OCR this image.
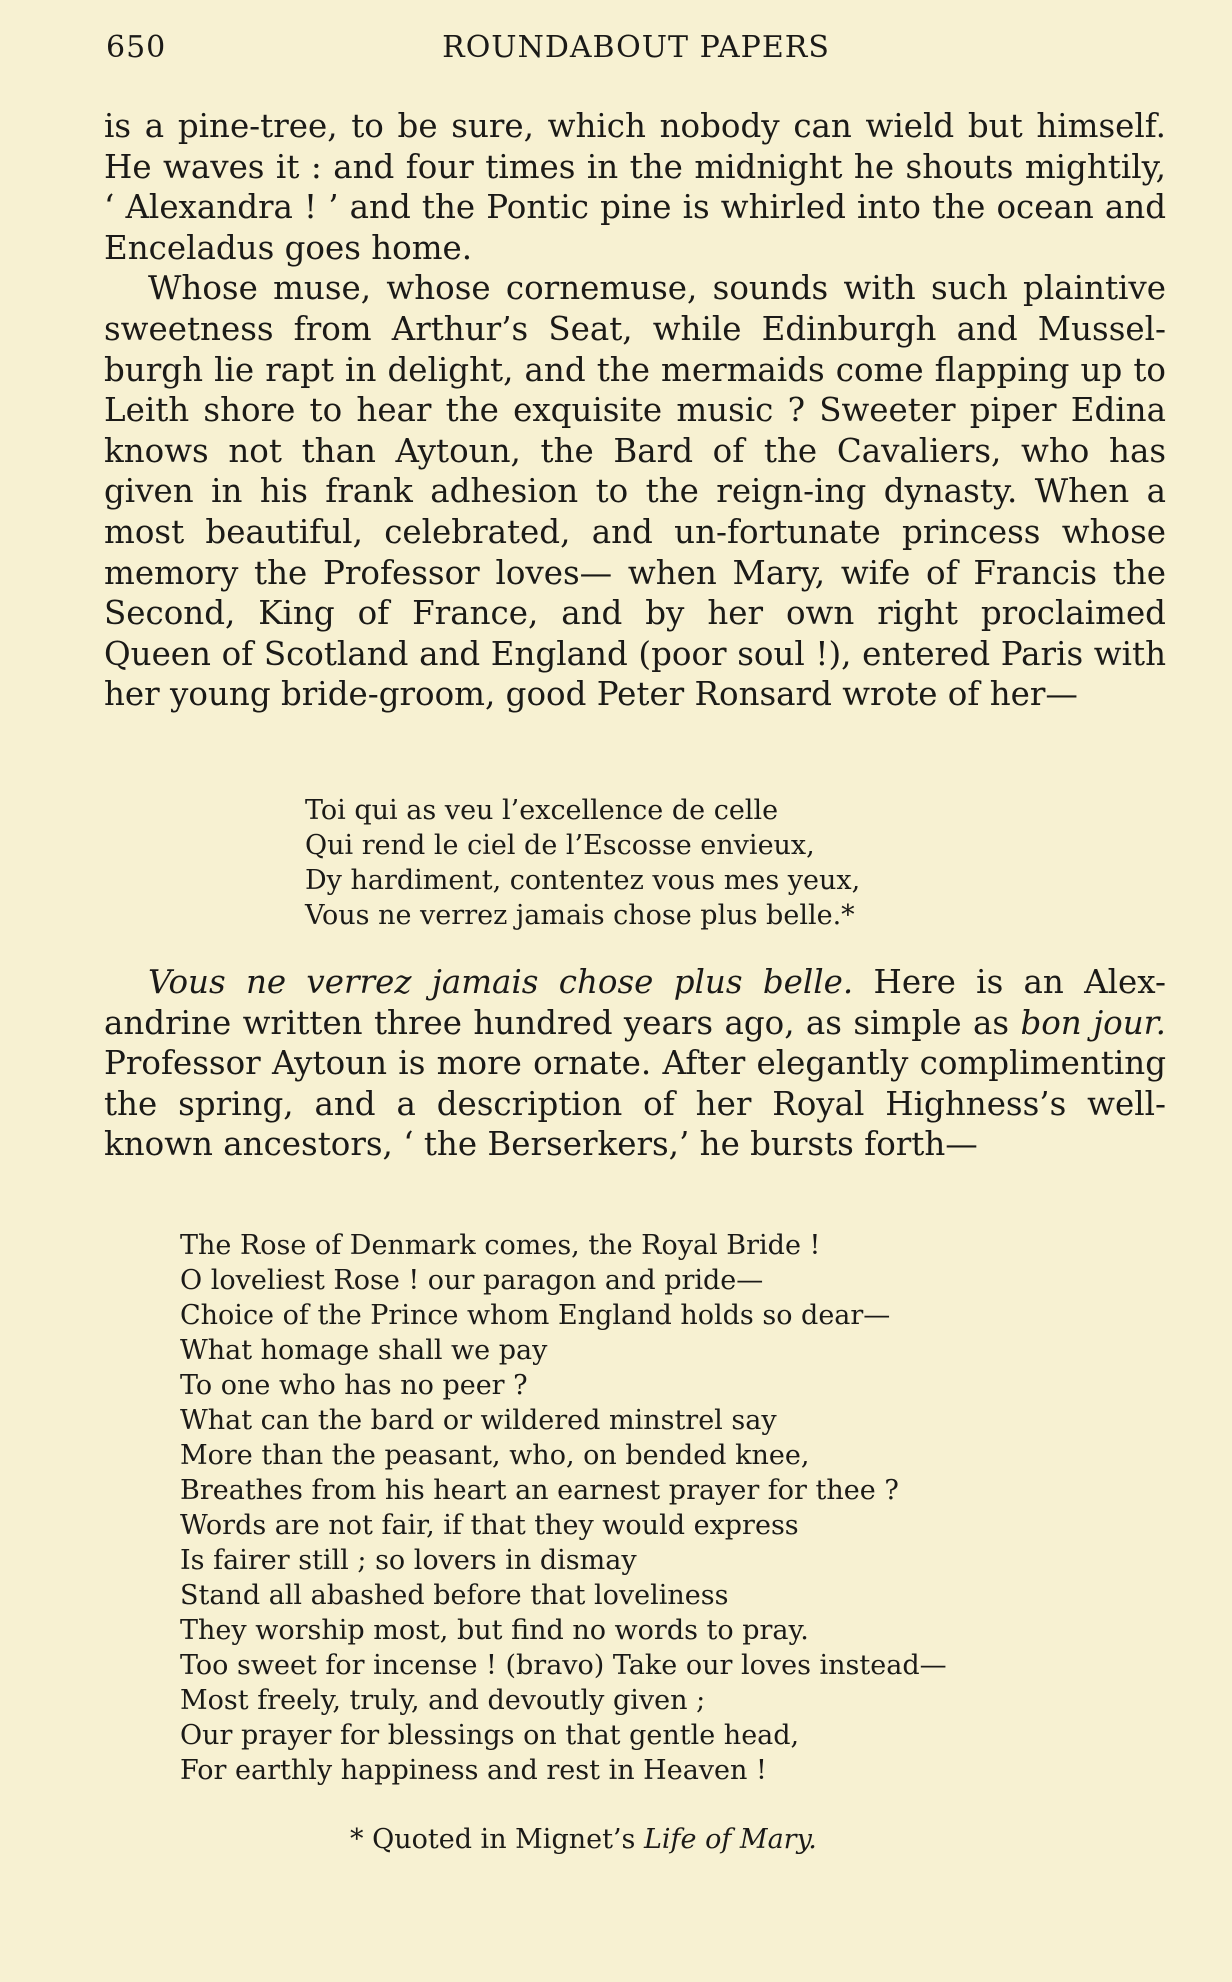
650	ROUNDABOUT PAPERS

is a pine-tree, to be sure, which nobody can wield but himself. He waves it : and four times in the midnight he shouts mightily, ‘ Alexandra ! ’ and the Pontic pine is whirled into the ocean and Enceladus goes home.

Whose muse, whose cornemuse, sounds with such plaintive sweetness from Arthur’s Seat, while Edinburgh and Mussel-burgh lie rapt in delight, and the mermaids come flapping up to Leith shore to hear the exquisite music ? Sweeter piper Edina knows not than Aytoun, the Bard of the Cavaliers, who has given in his frank adhesion to the reign-ing dynasty. When a most beautiful, celebrated, and un-fortunate princess whose memory the Professor loves— when Mary, wife of Francis the Second, King of France, and by her own right proclaimed Queen of Scotland and England (poor soul !), entered Paris with her young bride-groom, good Peter Ronsard wrote of her—

Toi qui as veu l’excellence de celle
Qui rend le ciel de l’Escosse envieux,
Dy hardiment, contentez vous mes yeux,
Vous ne verrez jamais chose plus belle.*

Vous ne verrez jamais chose plus belle. Here is an Alex-andrine written three hundred years ago, as simple as bon jour. Professor Aytoun is more ornate. After elegantly complimenting the spring, and a description of her Royal Highness’s well-known ancestors, ‘ the Berserkers,’ he bursts forth—

The Rose of Denmark comes, the Royal Bride !
O loveliest Rose ! our paragon and pride—
Choice of the Prince whom England holds so dear—
What homage shall we pay
To one who has no peer ?
What can the bard or wildered minstrel say
More than the peasant, who, on bended knee,
Breathes from his heart an earnest prayer for thee ?
Words are not fair, if that they would express
Is fairer still ; so lovers in dismay
Stand all abashed before that loveliness
They worship most, but find no words to pray.
Too sweet for incense ! (bravo) Take our loves instead—
Most freely, truly, and devoutly given ;
Our prayer for blessings on that gentle head,
For earthly happiness and rest in Heaven !
* Quoted in Mignet’s Life of Mary.
